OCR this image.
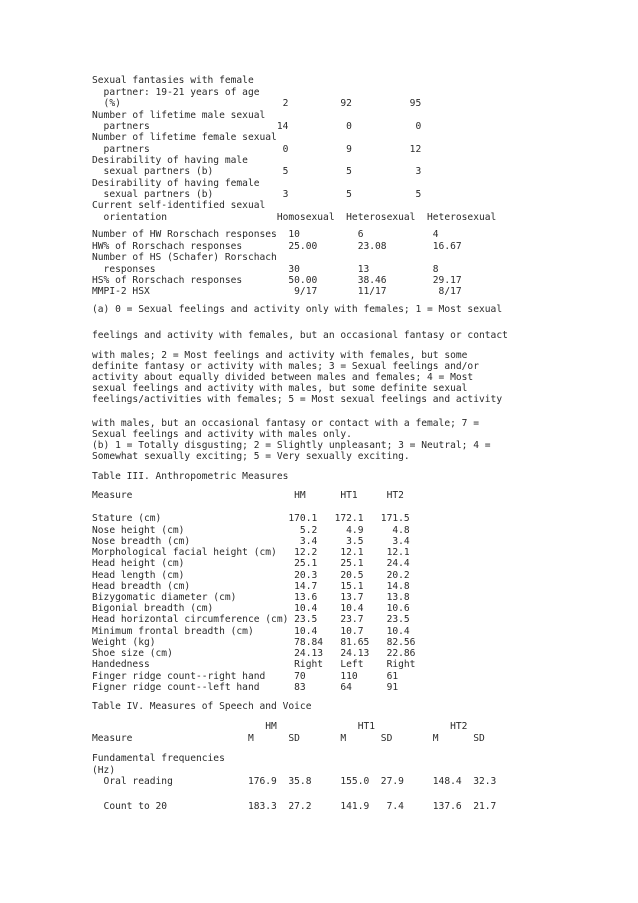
Sexual fantasies with female
partner: 19-21 years of age
(%)                            2         92          95
Number of lifetime male sexual
partners                      14          0           0
Number of lifetime female sexual
partners                       0          9          12
Desirability of having male
sexual partners (b)            5          5           3
Desirability of having female
sexual partners (b)            3          5           5
Current self-identified sexual
orientation                   Homosexual  Heterosexual  Heterosexual
Number of HW Rorschach responses  10          6            4
HW% of Rorschach responses        25.00       23.08        16.67
Number of HS (Schafer) Rorschach
responses                       30          13           8
HS% of Rorschach responses        50.00       38.46        29.17
MMPI-2 HSX                         9/17       11/17         8/17
(a) 0 = Sexual feelings and activity only with females; 1 = Most sexual
feelings and activity with females, but an occasional fantasy or contact
with males; 2 = Most feelings and activity with females, but some
definite fantasy or activity with males; 3 = Sexual feelings and/or
activity about equally divided between males and females; 4 = Most
sexual feelings and activity with males, but some definite sexual
feelings/activities with females; 5 = Most sexual feelings and activity
with males, but an occasional fantasy or contact with a female; 7 =
Sexual feelings and activity with males only.
(b) 1 = Totally disgusting; 2 = Slightly unpleasant; 3 = Neutral; 4 =
Somewhat sexually exciting; 5 = Very sexually exciting.
Table III. Anthropometric Measures
Measure                            HM      HT1     HT2
Stature (cm)                      170.1   172.1   171.5
Nose height (cm)                    5.2     4.9     4.8
Nose breadth (cm)                   3.4     3.5     3.4
Morphological facial height (cm)   12.2    12.1    12.1
Head height (cm)                   25.1    25.1    24.4
Head length (cm)                   20.3    20.5    20.2
Head breadth (cm)                  14.7    15.1    14.8
Bizygomatic diameter (cm)          13.6    13.7    13.8
Bigonial breadth (cm)              10.4    10.4    10.6
Head horizontal circumference (cm) 23.5    23.7    23.5
Minimum frontal breadth (cm)       10.4    10.7    10.4
Weight (kg)                        78.84   81.65   82.56
Shoe size (cm)                     24.13   24.13   22.86
Handedness                         Right   Left    Right
Finger ridge count--right hand     70      110     61
Figner ridge count--left hand      83      64      91
Table IV. Measures of Speech and Voice
HM              HT1             HT2
Measure                    M      SD       M      SD       M      SD
Fundamental frequencies
(Hz)
Oral reading             176.9  35.8     155.0  27.9     148.4  32.3
Count to 20              183.3  27.2     141.9   7.4     137.6  21.7
